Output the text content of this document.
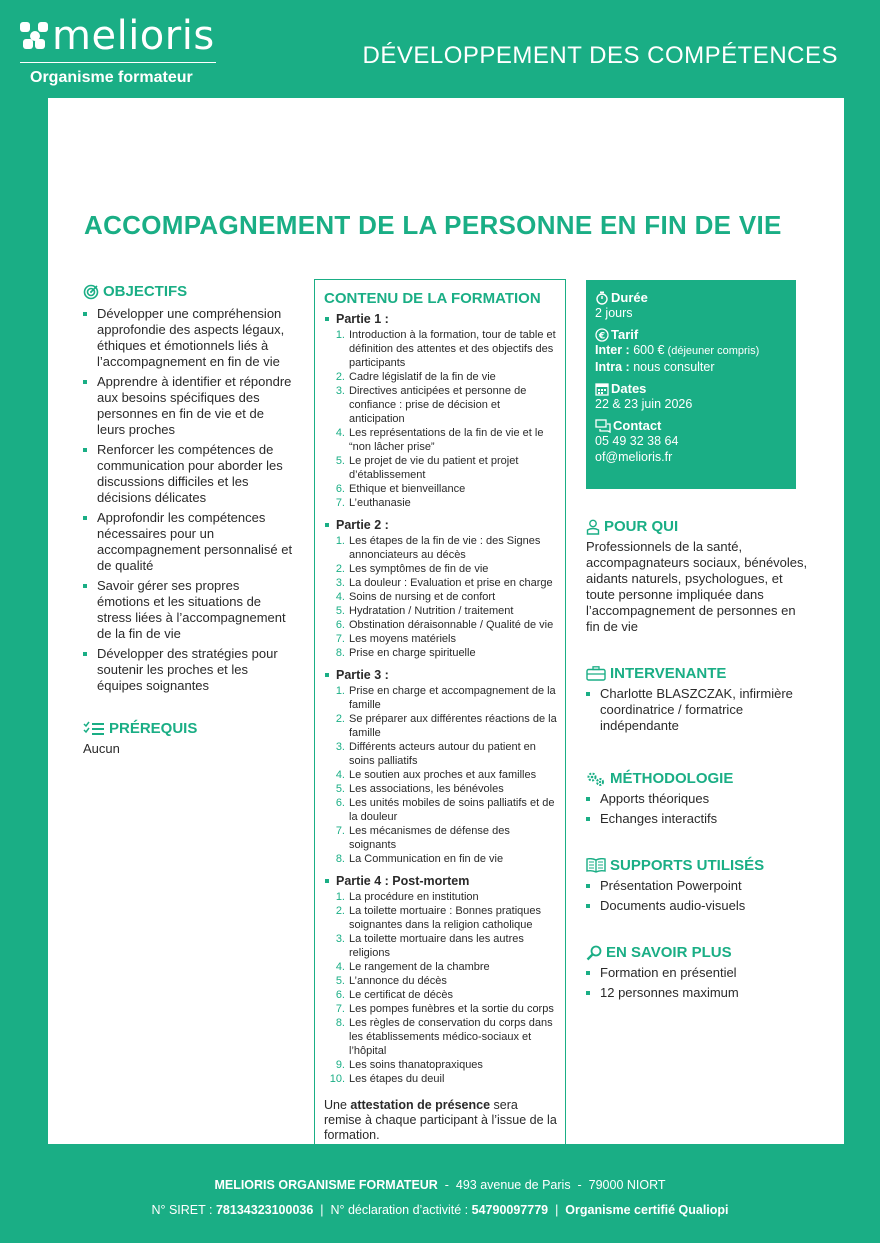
melioris
Organisme formateur
DÉVELOPPEMENT DES COMPÉTENCES
ACCOMPAGNEMENT DE LA PERSONNE EN FIN DE VIE
OBJECTIFS
Développer une compréhension approfondie des aspects légaux, éthiques et émotionnels liés à l’accompagnement en fin de vie
Apprendre à identifier et répondre aux besoins spécifiques des personnes en fin de vie et de leurs proches
Renforcer les compétences de communication pour aborder les discussions difficiles et les décisions délicates
Approfondir les compétences nécessaires pour un accompagnement personnalisé et de qualité
Savoir gérer ses propres émotions et les situations de stress liées à l’accompagnement de la fin de vie
Développer des stratégies pour soutenir les proches et les équipes soignantes
PRÉREQUIS
Aucun
CONTENU DE LA FORMATION
Partie 1 :
1. Introduction à la formation, tour de table et définition des attentes et des objectifs des participants
2. Cadre législatif de la fin de vie
3. Directives anticipées et personne de confiance : prise de décision et anticipation
4. Les représentations de la fin de vie et le “non lâcher prise”
5. Le projet de vie du patient et projet d’établissement
6. Ethique et bienveillance
7. L’euthanasie
Partie 2 :
1. Les étapes de la fin de vie : des Signes annonciateurs au décès
2. Les symptômes de fin de vie
3. La douleur : Evaluation et prise en charge
4. Soins de nursing et de confort
5. Hydratation / Nutrition / traitement
6. Obstination déraisonnable / Qualité de vie
7. Les moyens matériels
8. Prise en charge spirituelle
Partie 3 :
1. Prise en charge et accompagnement de la famille
2. Se préparer aux différentes réactions de la famille
3. Différents acteurs autour du patient en soins palliatifs
4. Le soutien aux proches et aux familles
5. Les associations, les bénévoles
6. Les unités mobiles de soins palliatifs et de la douleur
7. Les mécanismes de défense des soignants
8. La Communication en fin de vie
Partie 4 : Post-mortem
1. La procédure en institution
2. La toilette mortuaire : Bonnes pratiques soignantes dans la religion catholique
3. La toilette mortuaire dans les autres religions
4. Le rangement de la chambre
5. L’annonce du décès
6. Le certificat de décès
7. Les pompes funèbres et la sortie du corps
8. Les règles de conservation du corps dans les établissements médico-sociaux et l’hôpital
9. Les soins thanatopraxiques
10. Les étapes du deuil
Une attestation de présence sera remise à chaque participant à l’issue de la formation.
Durée
2 jours
€ Tarif
Inter : 600 € (déjeuner compris)
Intra : nous consulter
Dates
22 & 23 juin 2026
Contact
05 49 32 38 64
of@melioris.fr
POUR QUI
Professionnels de la santé, accompagnateurs sociaux, bénévoles, aidants naturels, psychologues, et toute personne impliquée dans l’accompagnement de personnes en fin de vie
INTERVENANTE
Charlotte BLASZCZAK, infirmière coordinatrice / formatrice indépendante
MÉTHODOLOGIE
Apports théoriques
Echanges interactifs
SUPPORTS UTILISÉS
Présentation Powerpoint
Documents audio-visuels
EN SAVOIR PLUS
Formation en présentiel
12 personnes maximum
MELIORIS ORGANISME FORMATEUR  -  493 avenue de Paris  -  79000 NIORT
N° SIRET : 78134323100036  |  N° déclaration d’activité : 54790097779  |  Organisme certifié Qualiopi
